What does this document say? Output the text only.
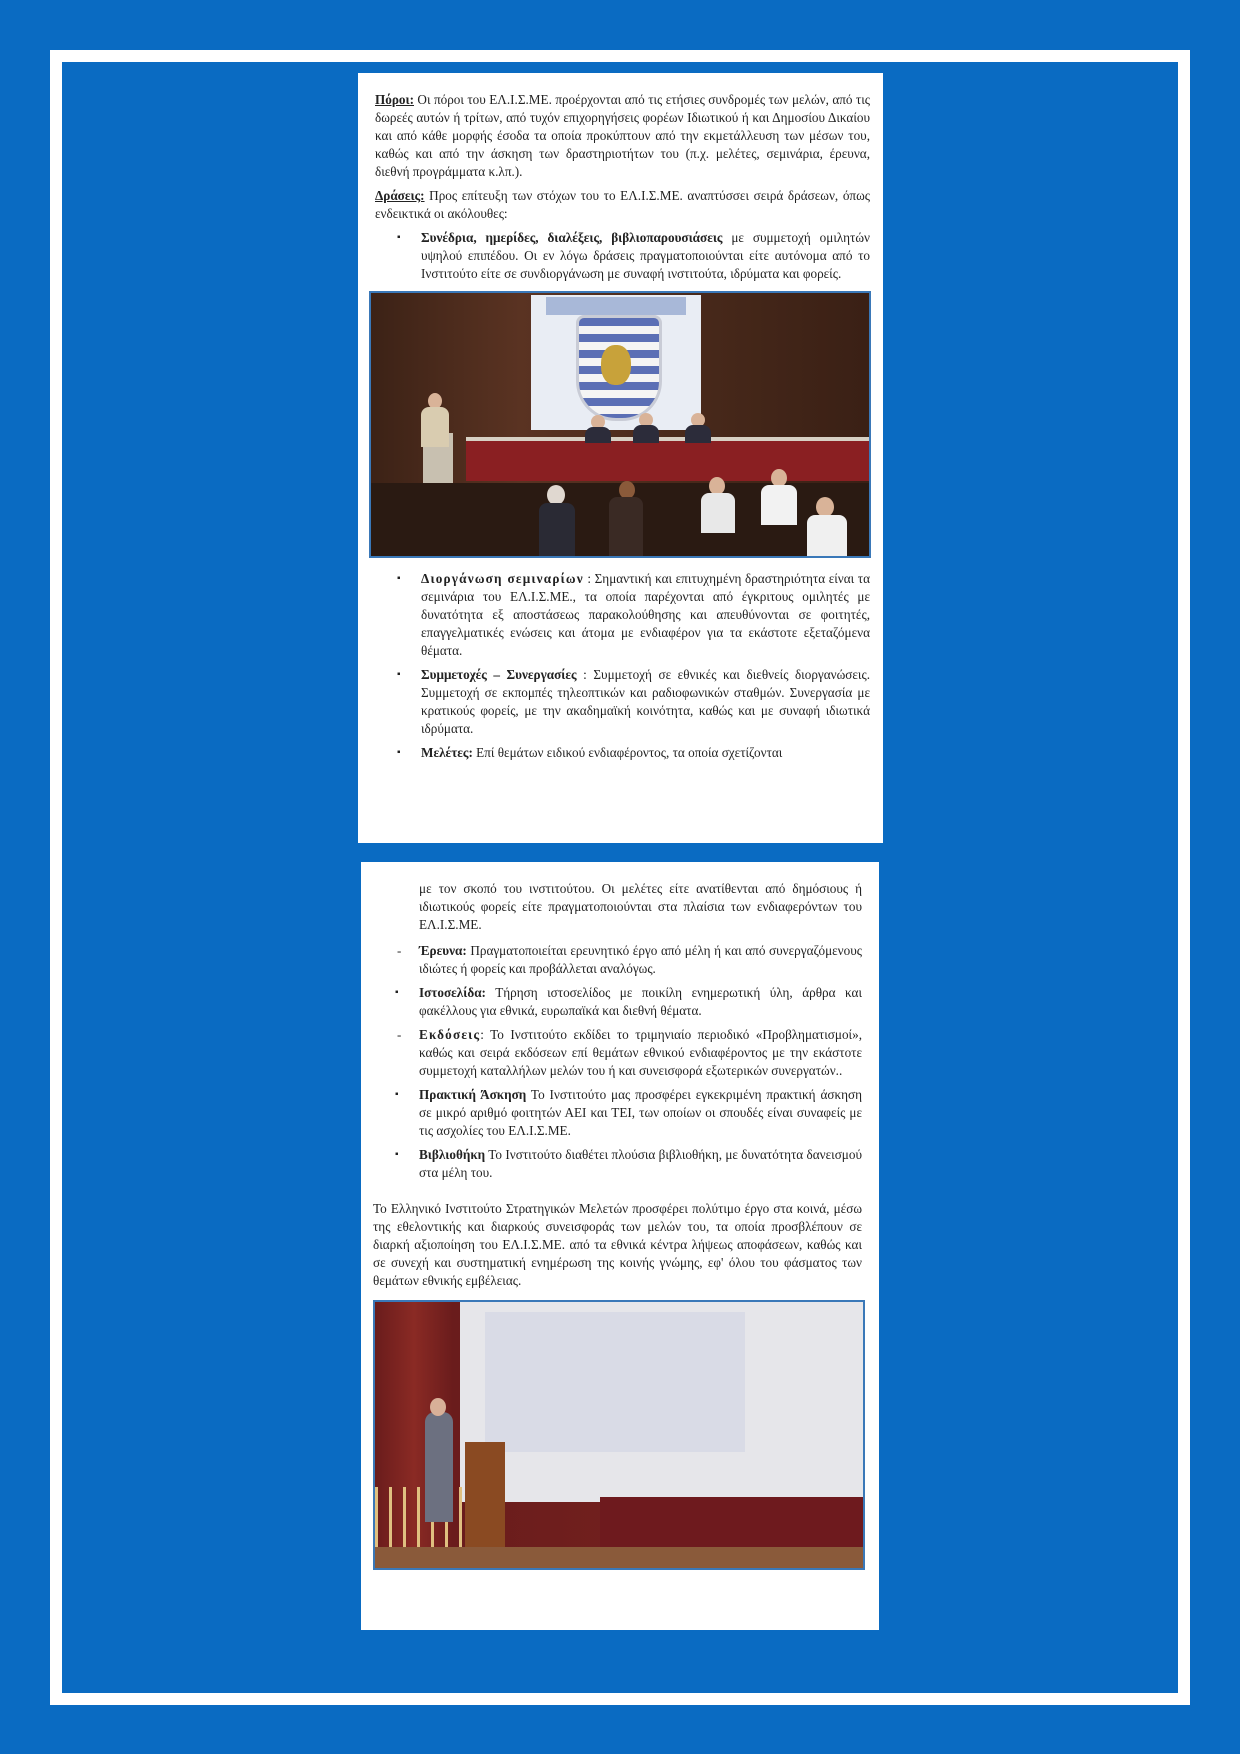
Πόροι: Οι πόροι του ΕΛ.Ι.Σ.ΜΕ. προέρχονται από τις ετήσιες συνδρομές των μελών, από τις δωρεές αυτών ή τρίτων, από τυχόν επιχορηγήσεις φορέων Ιδιωτικού ή και Δημοσίου Δικαίου και από κάθε μορφής έσοδα τα οποία προκύπτουν από την εκμετάλλευση των μέσων του, καθώς και από την άσκηση των δραστηριοτήτων του (π.χ. μελέτες, σεμινάρια, έρευνα, διεθνή προγράμματα κ.λπ.).

Δράσεις: Προς επίτευξη των στόχων του το ΕΛ.Ι.Σ.ΜΕ. αναπτύσσει σειρά δράσεων, όπως ενδεικτικά οι ακόλουθες:

▪ Συνέδρια, ημερίδες, διαλέξεις, βιβλιοπαρουσιάσεις με συμμετοχή ομιλητών υψηλού επιπέδου. Οι εν λόγω δράσεις πραγματοποιούνται είτε αυτόνομα από το Ινστιτούτο είτε σε συνδιοργάνωση με συναφή ινστιτούτα, ιδρύματα και φορείς.
▪ Διοργάνωση σεμιναρίων : Σημαντική και επιτυχημένη δραστηριότητα είναι τα σεμινάρια του ΕΛ.Ι.Σ.ΜΕ., τα οποία παρέχονται από έγκριτους ομιλητές με δυνατότητα εξ αποστάσεως παρακολούθησης και απευθύνονται σε φοιτητές, επαγγελματικές ενώσεις και άτομα με ενδιαφέρον για τα εκάστοτε εξεταζόμενα θέματα.
▪ Συμμετοχές – Συνεργασίες : Συμμετοχή σε εθνικές και διεθνείς διοργανώσεις. Συμμετοχή σε εκπομπές τηλεοπτικών και ραδιοφωνικών σταθμών. Συνεργασία με κρατικούς φορείς, με την ακαδημαϊκή κοινότητα, καθώς και με συναφή ιδιωτικά ιδρύματα.
▪ Μελέτες: Επί θεμάτων ειδικού ενδιαφέροντος, τα οποία σχετίζονται

με τον σκοπό του ινστιτούτου. Οι μελέτες είτε ανατίθενται από δημόσιους ή ιδιωτικούς φορείς είτε πραγματοποιούνται στα πλαίσια των ενδιαφερόντων του ΕΛ.Ι.Σ.ΜΕ.

- Έρευνα: Πραγματοποιείται ερευνητικό έργο από μέλη ή και από συνεργαζόμενους ιδιώτες ή φορείς και προβάλλεται αναλόγως.
▪ Ιστοσελίδα: Τήρηση ιστοσελίδος με ποικίλη ενημερωτική ύλη, άρθρα και φακέλλους για εθνικά, ευρωπαϊκά και διεθνή θέματα.
- Εκδόσεις: Το Ινστιτούτο εκδίδει το τριμηνιαίο περιοδικό «Προβληματισμοί», καθώς και σειρά εκδόσεων επί θεμάτων εθνικού ενδιαφέροντος με την εκάστοτε συμμετοχή καταλλήλων μελών του ή και συνεισφορά εξωτερικών συνεργατών..
▪ Πρακτική Άσκηση Το Ινστιτούτο μας προσφέρει εγκεκριμένη πρακτική άσκηση σε μικρό αριθμό φοιτητών ΑΕΙ και ΤΕΙ, των οποίων οι σπουδές είναι συναφείς με τις ασχολίες του ΕΛ.Ι.Σ.ΜΕ.
▪ Βιβλιοθήκη Το Ινστιτούτο διαθέτει πλούσια βιβλιοθήκη, με δυνατότητα δανεισμού στα μέλη του.

Το Ελληνικό Ινστιτούτο Στρατηγικών Μελετών προσφέρει πολύτιμο έργο στα κοινά, μέσω της εθελοντικής και διαρκούς συνεισφοράς των μελών του, τα οποία προσβλέπουν σε διαρκή αξιοποίηση του ΕΛ.Ι.Σ.ΜΕ. από τα εθνικά κέντρα λήψεως αποφάσεων, καθώς και σε συνεχή και συστηματική ενημέρωση της κοινής γνώμης, εφ' όλου του φάσματος των θεμάτων εθνικής εμβέλειας.
